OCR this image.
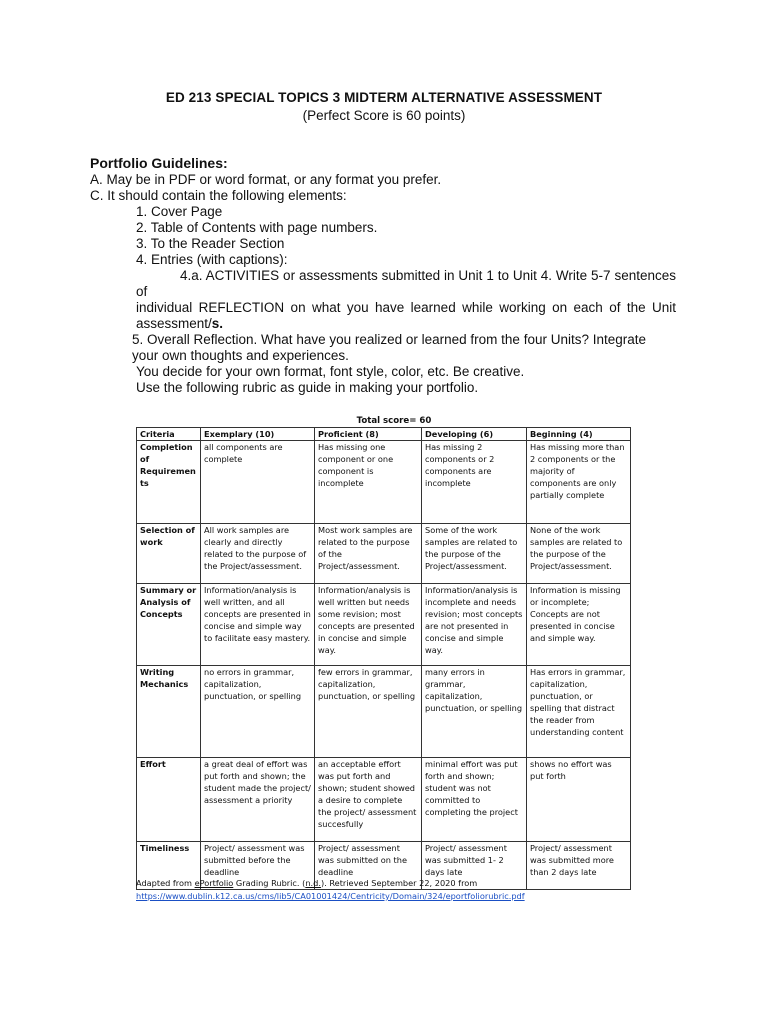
ED 213 SPECIAL TOPICS 3 MIDTERM ALTERNATIVE ASSESSMENT
(Perfect Score is 60 points)
Portfolio Guidelines:
A. May be in PDF or word format, or any format you prefer.
C. It should contain the following elements:
1. Cover Page
2. Table of Contents with page numbers.
3. To the Reader Section
4. Entries (with captions):
4.a. ACTIVITIES or assessments submitted in Unit 1 to Unit 4. Write 5-7 sentences of
individual REFLECTION on what you have learned while working on each of the Unit assessment/s.
5. Overall Reflection. What have you realized or learned from the four Units? Integrate your own thoughts and experiences.
You decide for your own format, font style, color, etc. Be creative.
Use the following rubric as guide in making your portfolio.
Total score= 60
Criteria	Exemplary (10)	Proficient (8)	Developing (6)	Beginning (4)
Completion of Requirements	all components are complete	Has missing one component or one component is incomplete	Has missing 2 components or 2 components are incomplete	Has missing more than 2 components or the majority of components are only partially complete
Selection of work	All work samples are clearly and directly related to the purpose of the Project/assessment.	Most work samples are related to the purpose of the Project/assessment.	Some of the work samples are related to the purpose of the Project/assessment.	None of the work samples are related to the purpose of the Project/assessment.
Summary or Analysis of Concepts	Information/analysis is well written, and all concepts are presented in concise and simple way to facilitate easy mastery.	Information/analysis is well written but needs some revision; most concepts are presented in concise and simple way.	Information/analysis is incomplete and needs revision; most concepts are not presented in concise and simple way.	Information is missing or incomplete; Concepts are not presented in concise and simple way.
Writing Mechanics	no errors in grammar, capitalization, punctuation, or spelling	few errors in grammar, capitalization, punctuation, or spelling	many errors in grammar, capitalization, punctuation, or spelling	Has errors in grammar, capitalization, punctuation, or spelling that distract the reader from understanding content
Effort	a great deal of effort was put forth and shown; the student made the project/ assessment a priority	an acceptable effort was put forth and shown; student showed a desire to complete the project/ assessment succesfully	minimal effort was put forth and shown; student was not committed to completing the project	shows no effort was put forth
Timeliness	Project/ assessment was submitted before the deadline	Project/ assessment was submitted on the deadline	Project/ assessment was submitted 1- 2 days late	Project/ assessment was submitted more than 2 days late
Adapted from ePortfolio Grading Rubric. (n.d.). Retrieved September 22, 2020 from
https://www.dublin.k12.ca.us/cms/lib5/CA01001424/Centricity/Domain/324/eportfoliorubric.pdf
